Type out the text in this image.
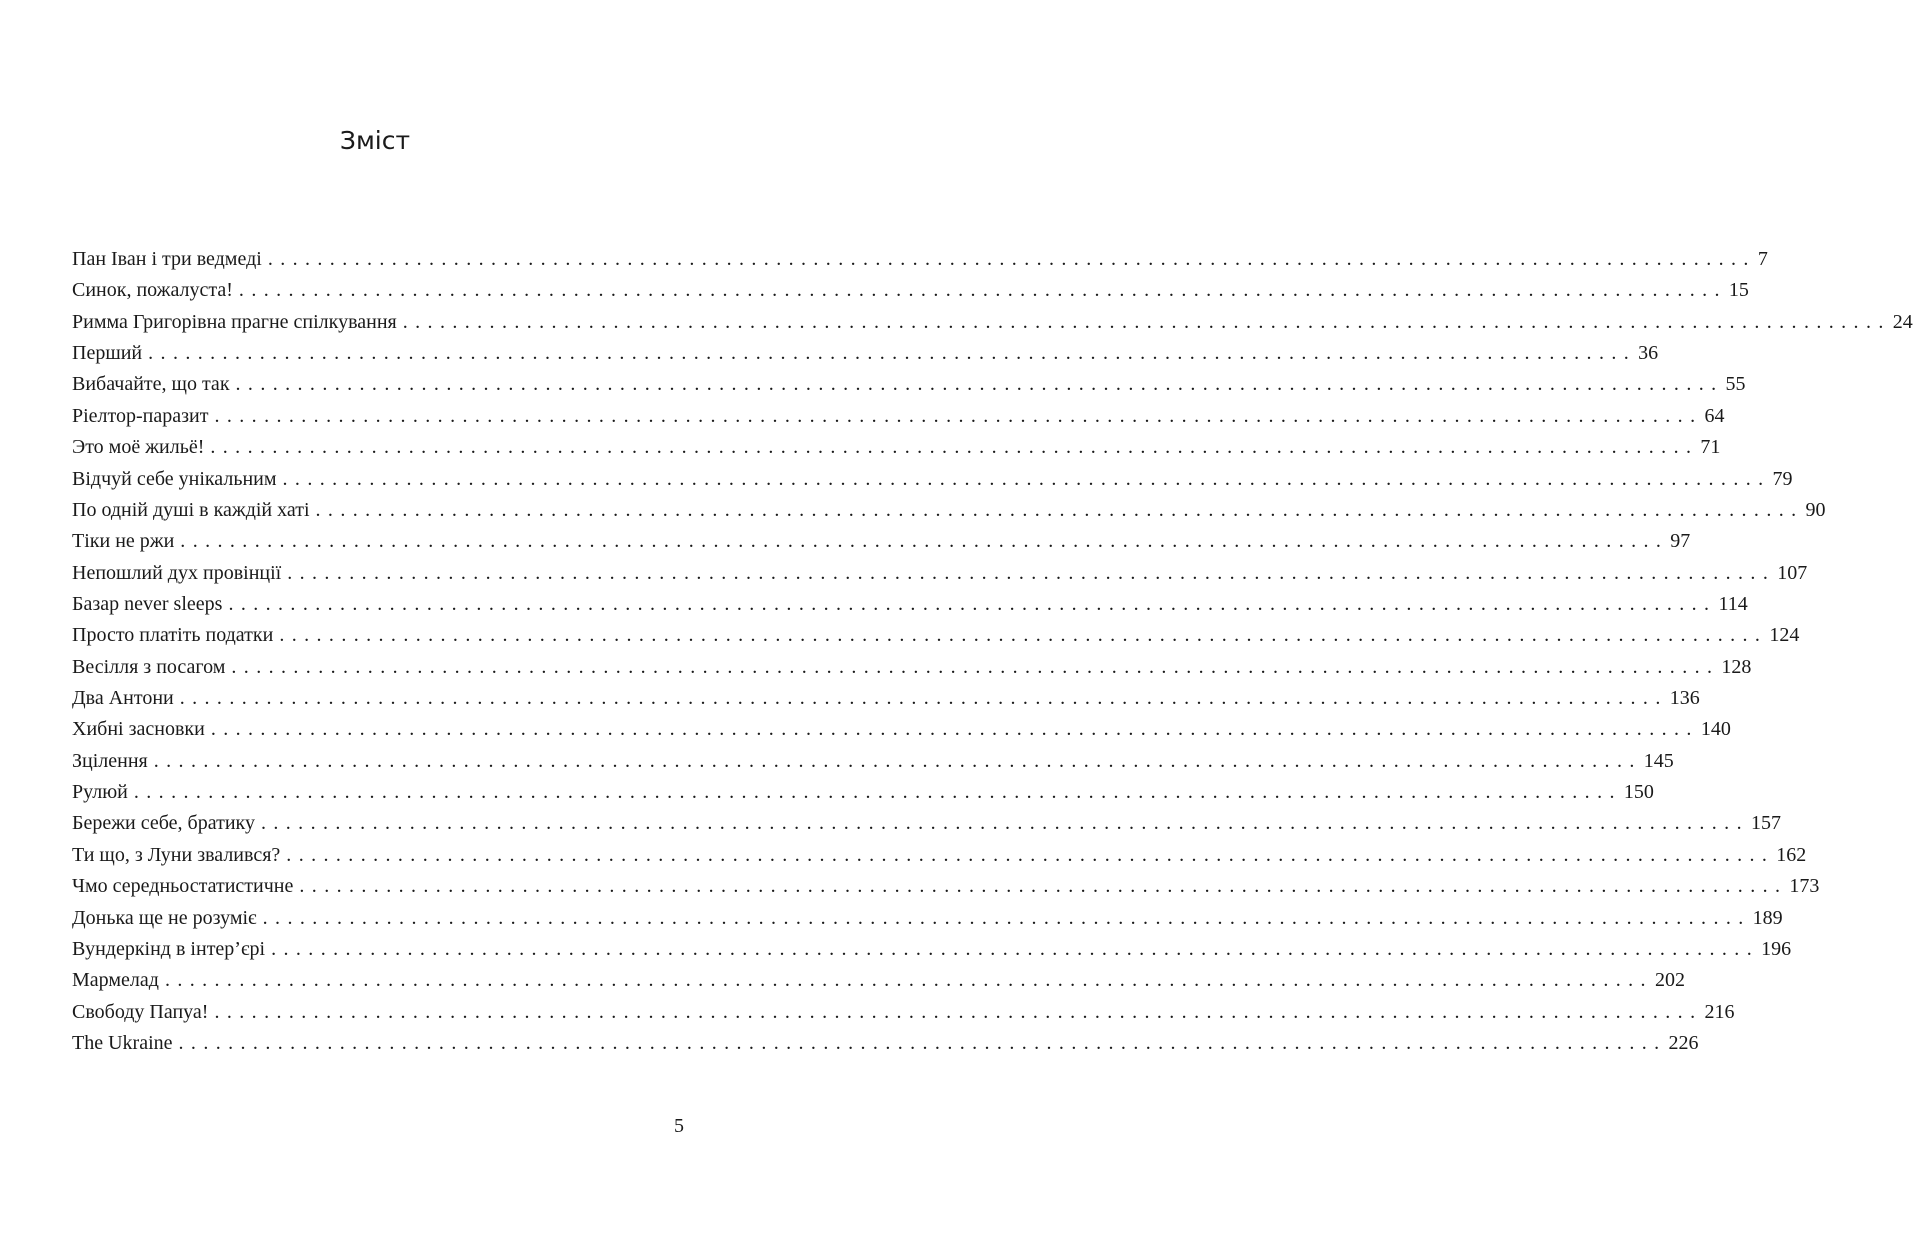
Зміст
Пан Іван і три ведмеді ........................................................................................................................ 7
Синок, пожалуста! ........................................................................................................................ 15
Римма Григорівна прагне спілкування ........................................................................................................................ 24
Перший ........................................................................................................................ 36
Вибачайте, що так ........................................................................................................................ 55
Ріелтор-паразит ........................................................................................................................ 64
Это моё жильё! ........................................................................................................................ 71
Відчуй себе унікальним ........................................................................................................................ 79
По одній душі в каждій хаті ........................................................................................................................ 90
Тіки не ржи ........................................................................................................................ 97
Непошлий дух провінції ........................................................................................................................ 107
Базар never sleeps ........................................................................................................................ 114
Просто платіть податки ........................................................................................................................ 124
Весілля з посагом ........................................................................................................................ 128
Два Антони ........................................................................................................................ 136
Хибні засновки ........................................................................................................................ 140
Зцілення ........................................................................................................................ 145
Рулюй ........................................................................................................................ 150
Бережи себе, братику ........................................................................................................................ 157
Ти що, з Луни звалився? ........................................................................................................................ 162
Чмо середньостатистичне ........................................................................................................................ 173
Донька ще не розуміє ........................................................................................................................ 189
Вундеркінд в інтер’єрі ........................................................................................................................ 196
Мармелад ........................................................................................................................ 202
Свободу Папуа! ........................................................................................................................ 216
The Ukraine ........................................................................................................................ 226
5
